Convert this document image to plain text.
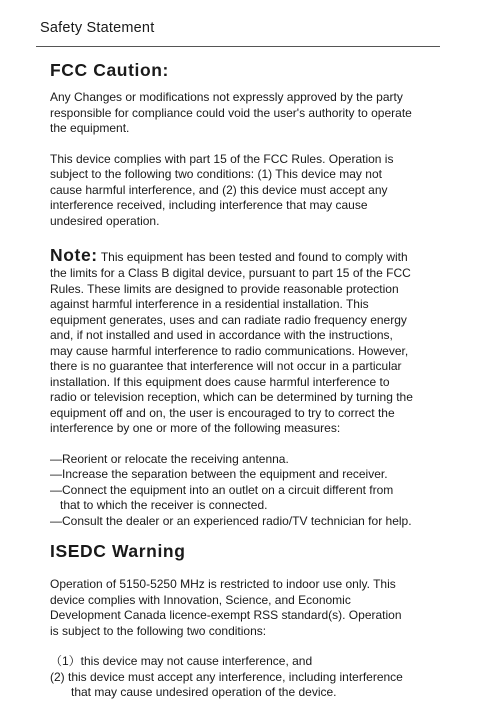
Safety Statement
FCC Caution:

Any Changes or modifications not expressly approved by the party
responsible for compliance could void the user's authority to operate
the equipment.

This device complies with part 15 of the FCC Rules. Operation is
subject to the following two conditions: (1) This device may not
cause harmful interference, and (2) this device must accept any
interference received, including interference that may cause
undesired operation.

Note: This equipment has been tested and found to comply with
the limits for a Class B digital device, pursuant to part 15 of the FCC
Rules. These limits are designed to provide reasonable protection
against harmful interference in a residential installation. This
equipment generates, uses and can radiate radio frequency energy
and, if not installed and used in accordance with the instructions,
may cause harmful interference to radio communications. However,
there is no guarantee that interference will not occur in a particular
installation. If this equipment does cause harmful interference to
radio or television reception, which can be determined by turning the
equipment off and on, the user is encouraged to try to correct the
interference by one or more of the following measures:

—Reorient or relocate the receiving antenna.
—Increase the separation between the equipment and receiver.
—Connect the equipment into an outlet on a circuit different from
that to which the receiver is connected.
—Consult the dealer or an experienced radio/TV technician for help.
ISEDC Warning

Operation of 5150-5250 MHz is restricted to indoor use only. This
device complies with Innovation, Science, and Economic
Development Canada licence-exempt RSS standard(s). Operation
is subject to the following two conditions:

（1）this device may not cause interference, and
(2) this device must accept any interference, including interference
that may cause undesired operation of the device.
